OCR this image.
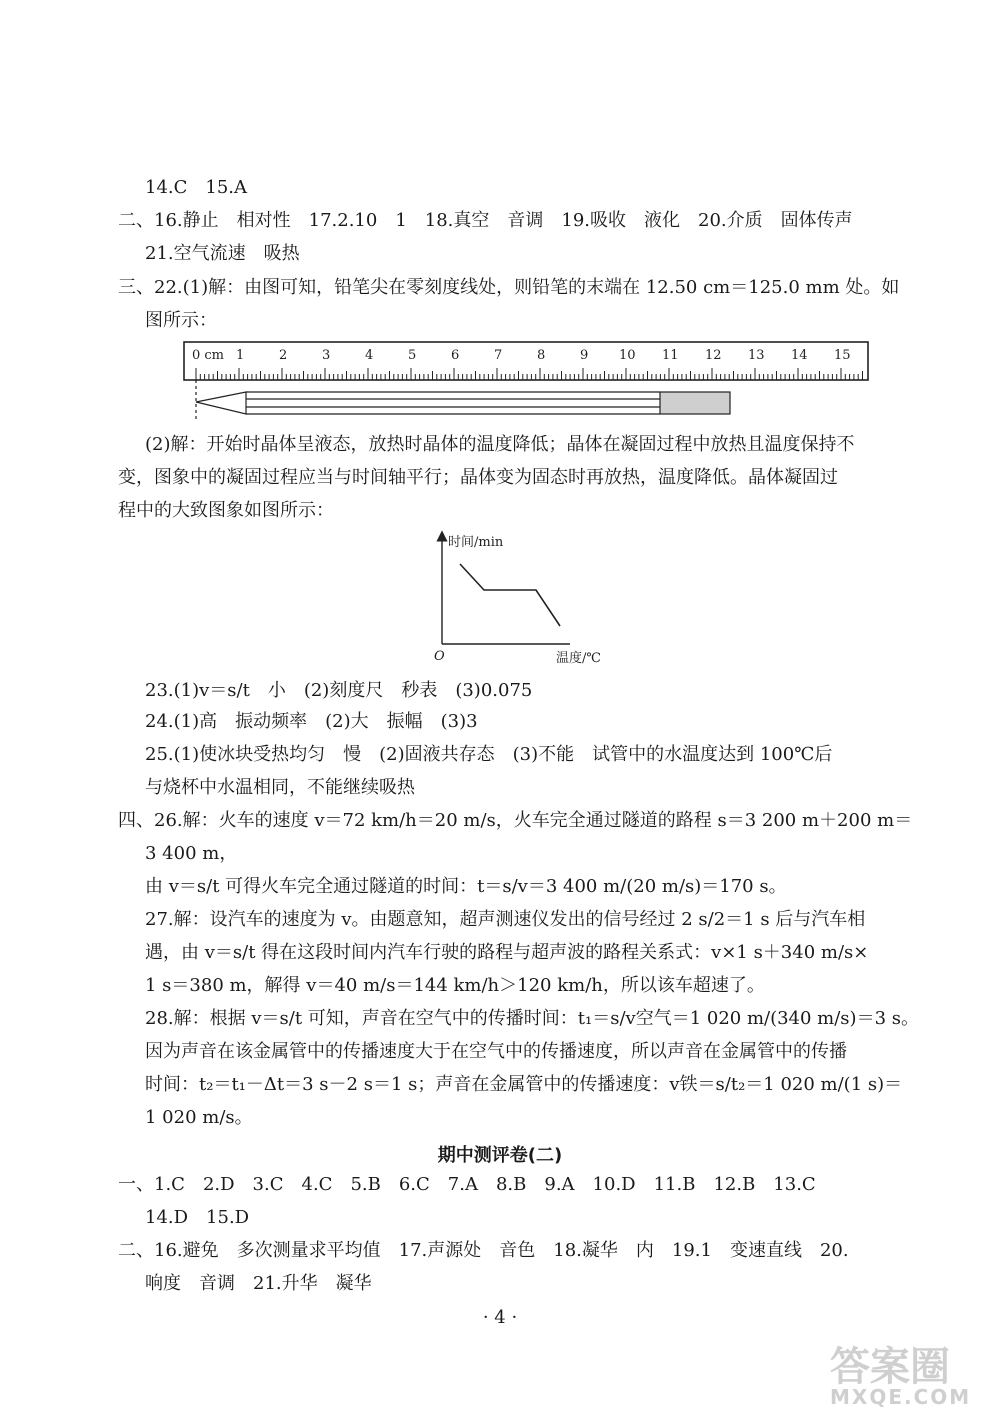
14.C　15.A
二、16.静止　相对性　17.2.10　1　18.真空　音调　19.吸收　液化　20.介质　固体传声
21.空气流速　吸热
三、22.(1)解：由图可知，铅笔尖在零刻度线处，则铅笔的末端在 12.50 cm＝125.0 mm 处。如
图所示：
0 cm 1	2	3	4	5	6	7	8	9 10 11 12 13 14 15
(2)解：开始时晶体呈液态，放热时晶体的温度降低；晶体在凝固过程中放热且温度保持不
变，图象中的凝固过程应当与时间轴平行；晶体变为固态时再放热，温度降低。晶体凝固过
程中的大致图象如图所示：
时间/min
温度/℃
O
23.(1)v＝s/t　小　(2)刻度尺　秒表　(3)0.075
24.(1)高　振动频率　(2)大　振幅　(3)3
25.(1)使冰块受热均匀　慢　(2)固液共存态　(3)不能　试管中的水温度达到 100℃后
与烧杯中水温相同，不能继续吸热
四、26.解：火车的速度 v＝72 km/h＝20 m/s，火车完全通过隧道的路程 s＝3 200 m＋200 m＝
3 400 m，
由 v＝s/t 可得火车完全通过隧道的时间：t＝s/v＝3 400 m/(20 m/s)＝170 s。
27.解：设汽车的速度为 v。由题意知，超声测速仪发出的信号经过 2 s/2＝1 s 后与汽车相
遇，由 v＝s/t 得在这段时间内汽车行驶的路程与超声波的路程关系式：v×1 s＋340 m/s×
1 s＝380 m，解得 v＝40 m/s＝144 km/h＞120 km/h，所以该车超速了。
28.解：根据 v＝s/t 可知，声音在空气中的传播时间：t₁＝s/v空气＝1 020 m/(340 m/s)＝3 s。
因为声音在该金属管中的传播速度大于在空气中的传播速度，所以声音在金属管中的传播
时间：t₂＝t₁－Δt＝3 s－2 s＝1 s；声音在金属管中的传播速度：v铁＝s/t₂＝1 020 m/(1 s)＝
1 020 m/s。
期中测评卷(二)
一、1.C　2.D　3.C　4.C　5.B　6.C　7.A　8.B　9.A　10.D　11.B　12.B　13.C
14.D　15.D
二、16.避免　多次测量求平均值　17.声源处　音色　18.凝华　内　19.1　变速直线　20.
响度　音调　21.升华　凝华
· 4 ·
答案圈
MXQE.COM
